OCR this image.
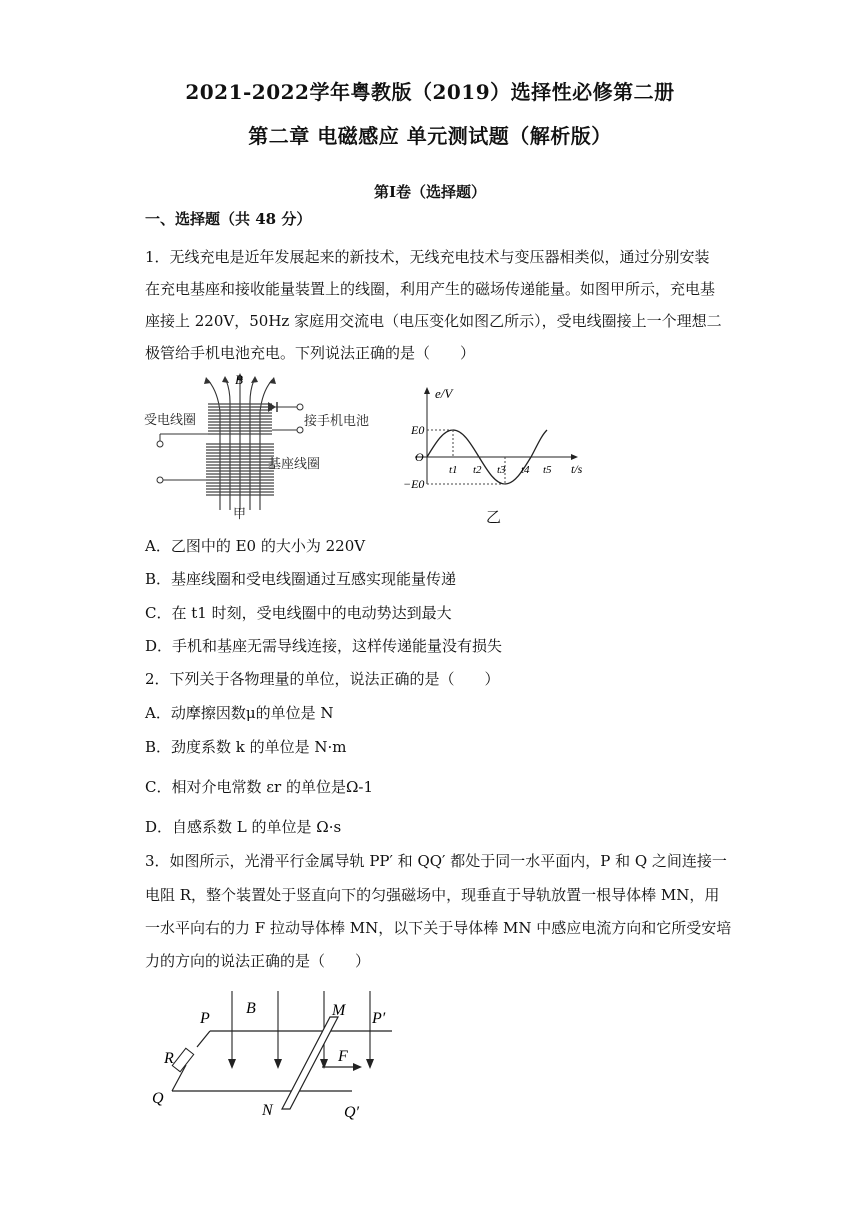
2021-2022学年粤教版（2019）选择性必修第二册
第二章 电磁感应 单元测试题（解析版）
第Ⅰ卷（选择题）
一、选择题（共 48 分）
1．无线充电是近年发展起来的新技术，无线充电技术与变压器相类似，通过分别安装
在充电基座和接收能量装置上的线圈，利用产生的磁场传递能量。如图甲所示，充电基
座接上 220V，50Hz 家庭用交流电（电压变化如图乙所示），受电线圈接上一个理想二
极管给手机电池充电。下列说法正确的是（　　）
B
受电线圈	接手机电池
基座线圈
甲
e/V
E0
O
−E0
t1 t2 t3 t4 t5 t/s
乙
A．乙图中的 E0 的大小为 220V
B．基座线圈和受电线圈通过互感实现能量传递
C．在 t1 时刻，受电线圈中的电动势达到最大
D．手机和基座无需导线连接，这样传递能量没有损失
2．下列关于各物理量的单位，说法正确的是（　　）
A．动摩擦因数μ的单位是 N
B．劲度系数 k 的单位是 N·m
C．相对介电常数 εr 的单位是Ω-1
D．自感系数 L 的单位是 Ω·s
3．如图所示，光滑平行金属导轨 PP′ 和 QQ′ 都处于同一水平面内，P 和 Q 之间连接一
电阻 R，整个装置处于竖直向下的匀强磁场中，现垂直于导轨放置一根导体棒 MN，用
一水平向右的力 F 拉动导体棒 MN，以下关于导体棒 MN 中感应电流方向和它所受安培
力的方向的说法正确的是（　　）
P
B	M P′
R	F
Q
N	Q′
